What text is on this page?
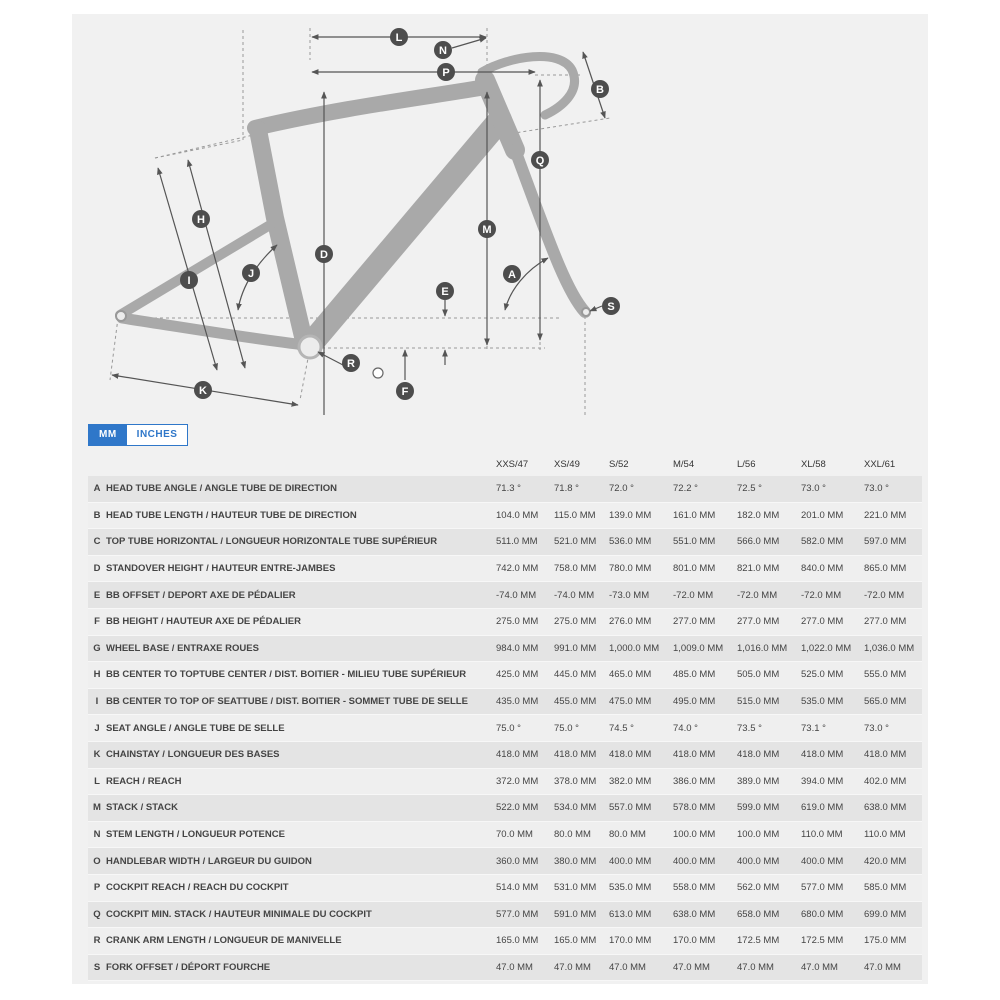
L
N
P
B
Q
H
M
D
I
J	A
E
S
R
K	F
MM	INCHES
		XXS/47	XS/49	S/52	M/54	L/56	XL/58	XXL/61
A	HEAD TUBE ANGLE / ANGLE TUBE DE DIRECTION	71.3 °	71.8 °	72.0 °	72.2 °	72.5 °	73.0 °	73.0 °
B	HEAD TUBE LENGTH / HAUTEUR TUBE DE DIRECTION	104.0 MM	115.0 MM	139.0 MM	161.0 MM	182.0 MM	201.0 MM	221.0 MM
C	TOP TUBE HORIZONTAL / LONGUEUR HORIZONTALE TUBE SUPÉRIEUR	511.0 MM	521.0 MM	536.0 MM	551.0 MM	566.0 MM	582.0 MM	597.0 MM
D	STANDOVER HEIGHT / HAUTEUR ENTRE-JAMBES	742.0 MM	758.0 MM	780.0 MM	801.0 MM	821.0 MM	840.0 MM	865.0 MM
E	BB OFFSET / DEPORT AXE DE PÉDALIER	-74.0 MM	-74.0 MM	-73.0 MM	-72.0 MM	-72.0 MM	-72.0 MM	-72.0 MM
F	BB HEIGHT / HAUTEUR AXE DE PÉDALIER	275.0 MM	275.0 MM	276.0 MM	277.0 MM	277.0 MM	277.0 MM	277.0 MM
G	WHEEL BASE / ENTRAXE ROUES	984.0 MM	991.0 MM	1,000.0 MM	1,009.0 MM	1,016.0 MM	1,022.0 MM	1,036.0 MM
H	BB CENTER TO TOPTUBE CENTER / DIST. BOITIER - MILIEU TUBE SUPÉRIEUR	425.0 MM	445.0 MM	465.0 MM	485.0 MM	505.0 MM	525.0 MM	555.0 MM
I	BB CENTER TO TOP OF SEATTUBE / DIST. BOITIER - SOMMET TUBE DE SELLE	435.0 MM	455.0 MM	475.0 MM	495.0 MM	515.0 MM	535.0 MM	565.0 MM
J	SEAT ANGLE / ANGLE TUBE DE SELLE	75.0 °	75.0 °	74.5 °	74.0 °	73.5 °	73.1 °	73.0 °
K	CHAINSTAY / LONGUEUR DES BASES	418.0 MM	418.0 MM	418.0 MM	418.0 MM	418.0 MM	418.0 MM	418.0 MM
L	REACH / REACH	372.0 MM	378.0 MM	382.0 MM	386.0 MM	389.0 MM	394.0 MM	402.0 MM
M	STACK / STACK	522.0 MM	534.0 MM	557.0 MM	578.0 MM	599.0 MM	619.0 MM	638.0 MM
N	STEM LENGTH / LONGUEUR POTENCE	70.0 MM	80.0 MM	80.0 MM	100.0 MM	100.0 MM	110.0 MM	110.0 MM
O	HANDLEBAR WIDTH / LARGEUR DU GUIDON	360.0 MM	380.0 MM	400.0 MM	400.0 MM	400.0 MM	400.0 MM	420.0 MM
P	COCKPIT REACH / REACH DU COCKPIT	514.0 MM	531.0 MM	535.0 MM	558.0 MM	562.0 MM	577.0 MM	585.0 MM
Q	COCKPIT MIN. STACK / HAUTEUR MINIMALE DU COCKPIT	577.0 MM	591.0 MM	613.0 MM	638.0 MM	658.0 MM	680.0 MM	699.0 MM
R	CRANK ARM LENGTH / LONGUEUR DE MANIVELLE	165.0 MM	165.0 MM	170.0 MM	170.0 MM	172.5 MM	172.5 MM	175.0 MM
S	FORK OFFSET / DÉPORT FOURCHE	47.0 MM	47.0 MM	47.0 MM	47.0 MM	47.0 MM	47.0 MM	47.0 MM
